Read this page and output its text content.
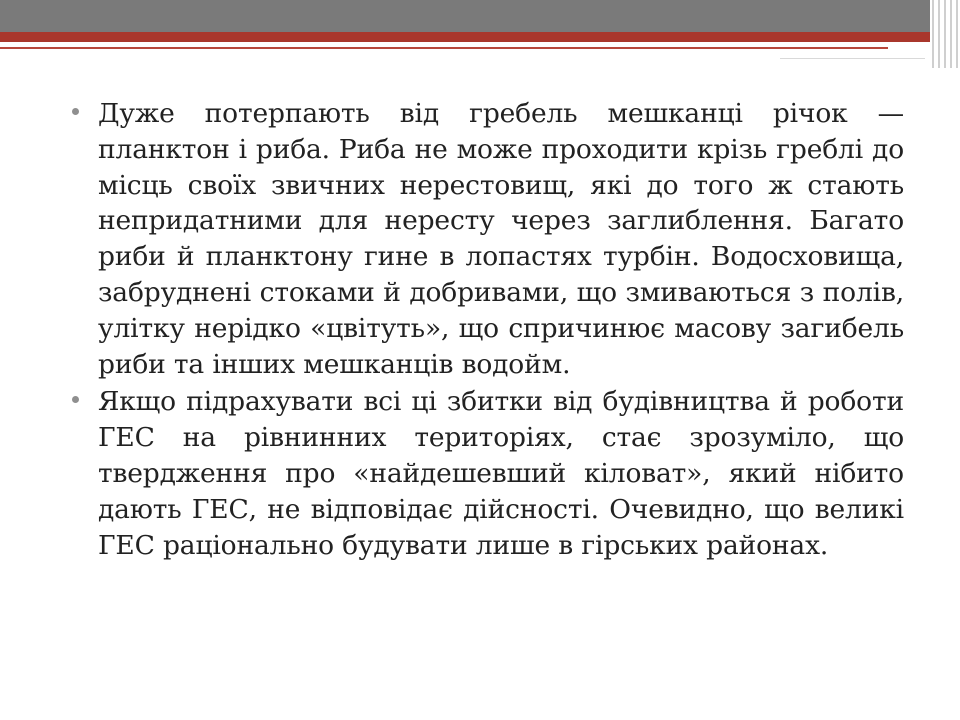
Дуже потерпають від гребель мешканці річок — планктон і риба. Риба не може проходити крізь греблі до місць своїх звичних нерестовищ, які до того ж стають непридатними для нересту через заглиблення. Багато риби й планктону гине в лопастях турбін. Водосховища, забруднені стоками й добривами, що змиваються з полів, улітку нерідко «цвітуть», що спричинює масову загибель риби та інших мешканців водойм.
Якщо підрахувати всі ці збитки від будівництва й роботи ГЕС на рівнинних територіях, стає зрозуміло, що твердження про «найдешевший кіловат», який нібито дають ГЕС, не відповідає дійсності. Очевидно, що великі ГЕС раціонально будувати лише в гірських районах.
